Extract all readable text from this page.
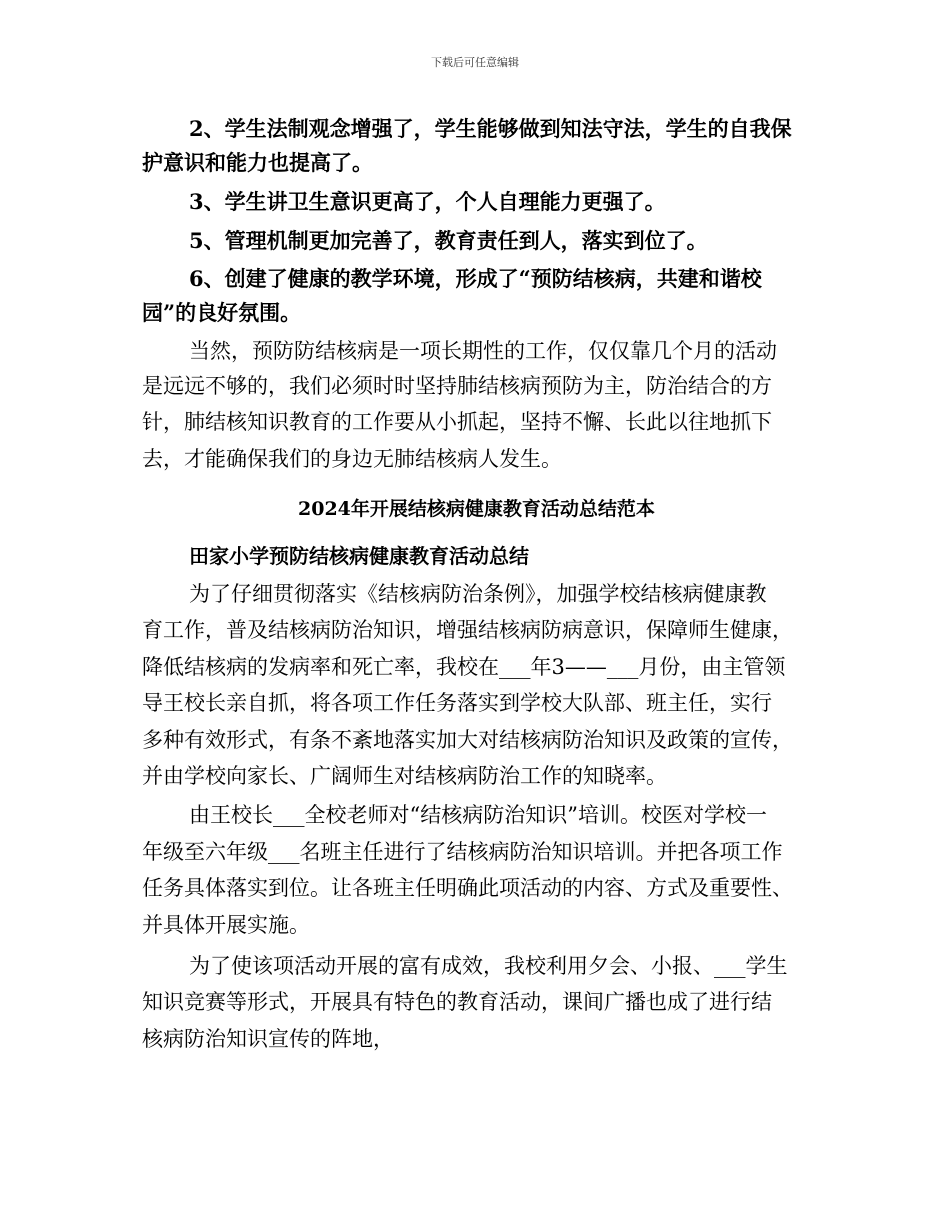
下载后可任意编辑
2、学生法制观念增强了，学生能够做到知法守法，学生的自我保
护意识和能力也提高了。
3、学生讲卫生意识更高了，个人自理能力更强了。
5、管理机制更加完善了，教育责任到人，落实到位了。
6、创建了健康的教学环境，形成了“预防结核病，共建和谐校
园”的良好氛围。
当然，预防防结核病是一项长期性的工作，仅仅靠几个月的活动
是远远不够的，我们必须时时坚持肺结核病预防为主，防治结合的方
针，肺结核知识教育的工作要从小抓起，坚持不懈、长此以往地抓下
去，才能确保我们的身边无肺结核病人发生。
2024年开展结核病健康教育活动总结范本
田家小学预防结核病健康教育活动总结
为了仔细贯彻落实《结核病防治条例》，加强学校结核病健康教
育工作，普及结核病防治知识，增强结核病防病意识，保障师生健康，
降低结核病的发病率和死亡率，我校在___年3——___月份，由主管领
导王校长亲自抓，将各项工作任务落实到学校大队部、班主任，实行
多种有效形式，有条不紊地落实加大对结核病防治知识及政策的宣传，
并由学校向家长、广阔师生对结核病防治工作的知晓率。
由王校长___全校老师对“结核病防治知识”培训。校医对学校一
年级至六年级___名班主任进行了结核病防治知识培训。并把各项工作
任务具体落实到位。让各班主任明确此项活动的内容、方式及重要性、
并具体开展实施。
为了使该项活动开展的富有成效，我校利用夕会、小报、___学生
知识竞赛等形式，开展具有特色的教育活动，课间广播也成了进行结
核病防治知识宣传的阵地，
